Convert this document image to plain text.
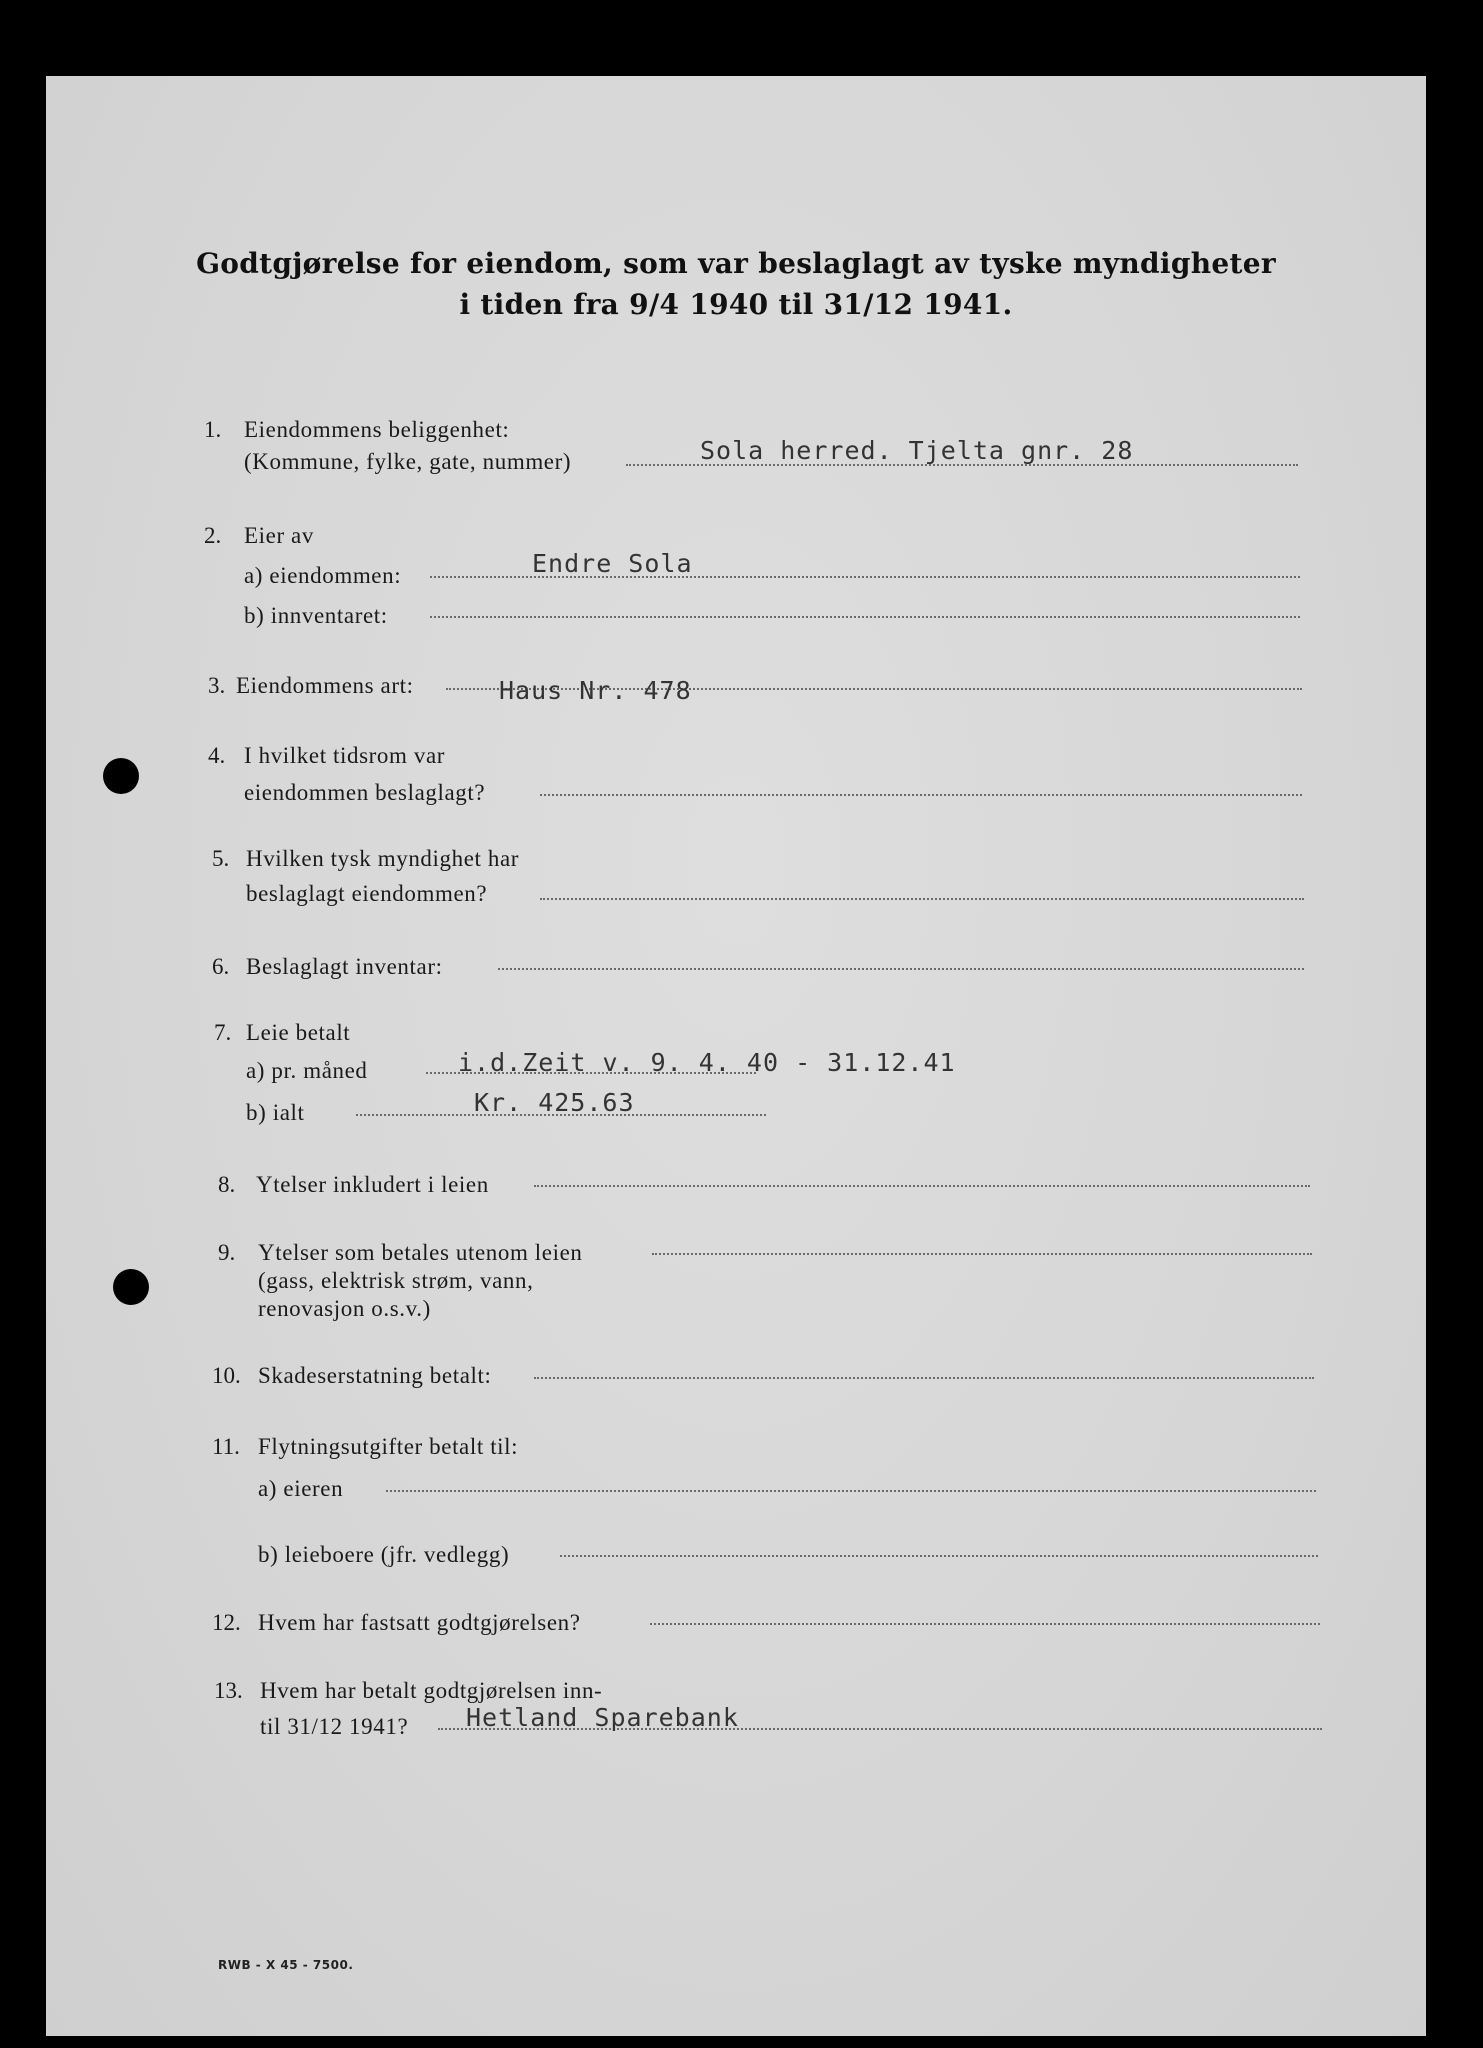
Godtgjørelse for eiendom, som var beslaglagt av tyske myndigheter
i tiden fra 9/4 1940 til 31/12 1941.
1. Eiendommens beliggenhet:
(Kommune, fylke, gate, nummer)	Sola herred. Tjelta gnr. 28
2. Eier av
a) eiendommen:	Endre Sola
b) innventaret:
3. Eiendommens art:	Haus Nr. 478
4. I hvilket tidsrom var
eiendommen beslaglagt?
5. Hvilken tysk myndighet har
beslaglagt eiendommen?
6. Beslaglagt inventar:
7. Leie betalt
a) pr. måned	i.d.Zeit v. 9. 4. 40 - 31.12.41
b) ialt	Kr. 425.63
8. Ytelser inkludert i leien
9. Ytelser som betales utenom leien
(gass, elektrisk strøm, vann,
renovasjon o.s.v.)
10. Skadeserstatning betalt:
11. Flytningsutgifter betalt til:
a) eieren
b) leieboere (jfr. vedlegg)
12. Hvem har fastsatt godtgjørelsen?
13. Hvem har betalt godtgjørelsen inn-
til 31/12 1941? Hetland Sparebank
RWB - X 45 - 7500.
